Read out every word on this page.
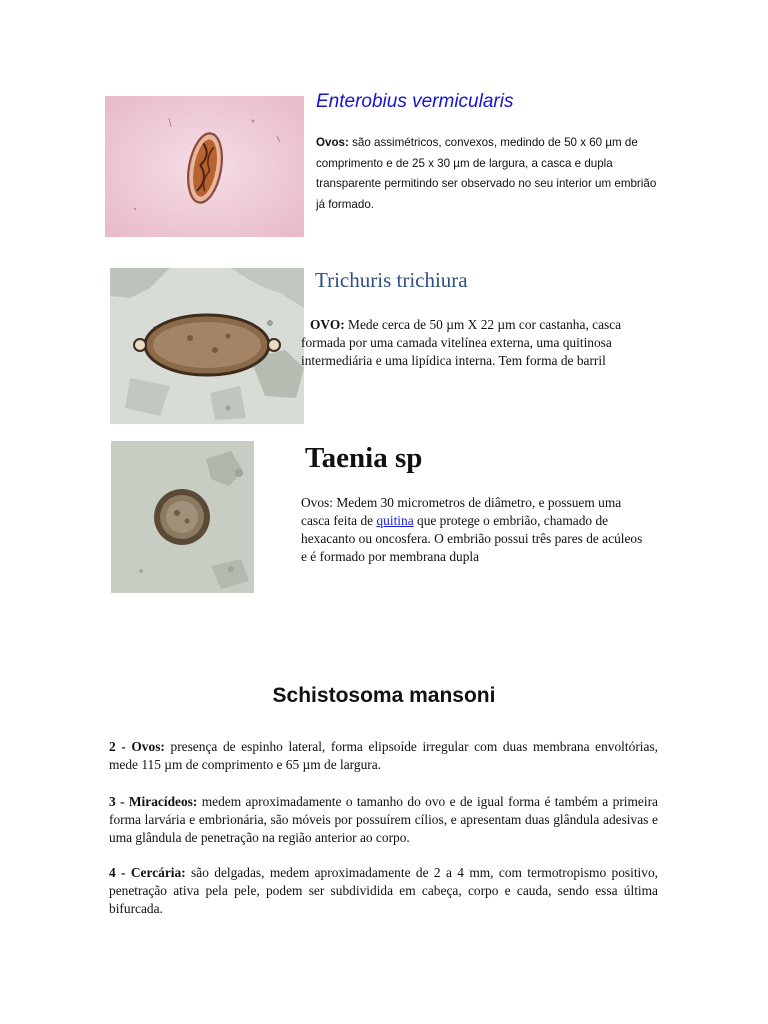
Enterobius vermicularis

Ovos: são assimétricos, convexos, medindo de 50 x 60 µm de comprimento e de 25 x 30 µm de largura, a casca e dupla transparente permitindo ser observado no seu interior um embrião já formado.

Trichuris trichiura

OVO: Mede cerca de 50 µm X 22 µm cor castanha, casca formada por uma camada vitelínea externa, uma quitinosa intermediária e uma lipídica interna. Tem forma de barril

Taenia sp

Ovos: Medem 30 micrometros de diâmetro, e possuem uma casca feita de quitina que protege o embrião, chamado de hexacanto ou oncosfera. O embrião possui três pares de acúleos e é formado por membrana dupla

Schistosoma mansoni

2 - Ovos: presença de espinho lateral, forma elipsoíde irregular com duas membrana envoltórias, mede 115 µm de comprimento e 65 µm de largura.

3 - Miracídeos: medem aproximadamente o tamanho do ovo e de igual forma é também a primeira forma larvária e embrionária, são móveis por possuírem cílios, e apresentam duas glândula adesivas e uma glândula de penetração na região anterior ao corpo.

4 - Cercária: são delgadas, medem aproximadamente de 2 a 4 mm, com termotropismo positivo, penetração ativa pela pele, podem ser subdividida em cabeça, corpo e cauda, sendo essa última bifurcada.
